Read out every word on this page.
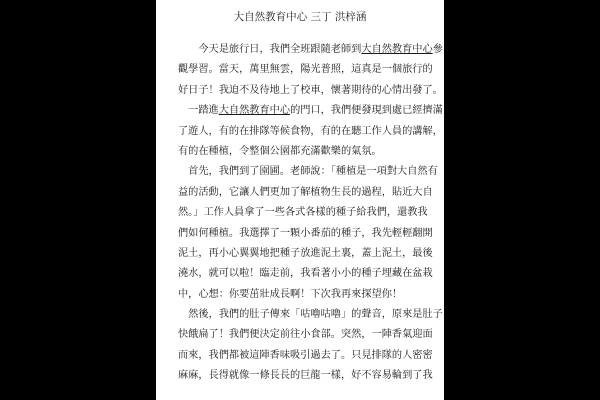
大自然教育中心 三丁 洪梓涵
　　今天是旅行日，我們全班跟隨老師到大自然教育中心參
觀學習。當天，萬里無雲，陽光普照，這真是一個旅行的
好日子！我迫不及待地上了校車，懷著期待的心情出發了。
　一踏進大自然教育中心的門口，我們便發現到處已經擠滿
了遊人，有的在排隊等候食物，有的在聽工作人員的講解，
有的在種植，令整個公園都充滿歡樂的氣氛。
　首先，我們到了園圃。老師說：「種植是一項對大自然有
益的活動，它讓人們更加了解植物生長的過程，貼近大自
然。」工作人員拿了一些各式各樣的種子給我們，還教我
們如何種植。我選擇了一顆小番茄的種子，我先輕輕翻開
泥土，再小心翼翼地把種子放進泥土裏，蓋上泥土，最後
澆水，就可以啦！臨走前，我看著小小的種子埋藏在盆栽
中，心想：你要茁壯成長啊！下次我再來探望你！
　然後，我們的肚子傳來「咕嚕咕嚕」的聲音，原來是肚子
快餓扁了！我們便決定前往小食部。突然，一陣香氣迎面
而來，我們都被這陣香味吸引過去了。只見排隊的人密密
麻麻，長得就像一條長長的巨龍一樣，好不容易輪到了我
